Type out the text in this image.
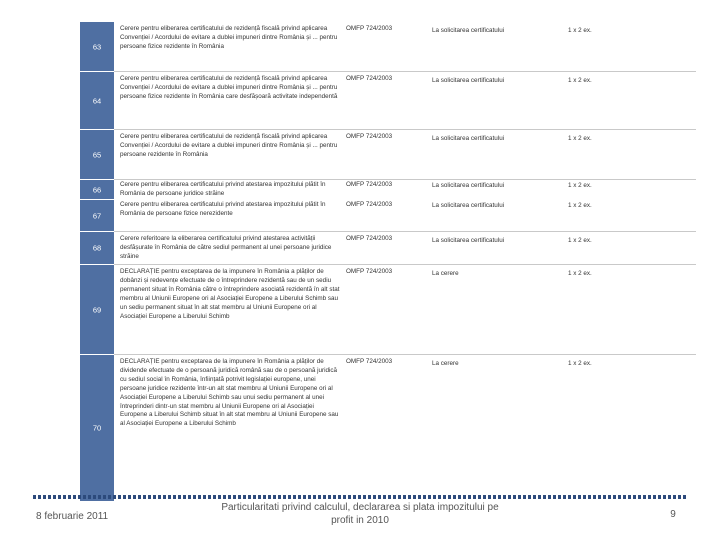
63
Cerere pentru eliberarea certificatului de rezidență fiscală privind aplicarea Convenției / Acordului de evitare a dublei impuneri dintre România și ... pentru persoane fizice rezidente în România
OMFP 724/2003	La solicitarea certificatului	1 x 2 ex.
64
Cerere pentru eliberarea certificatului de rezidență fiscală privind aplicarea Convenției / Acordului de evitare a dublei impuneri dintre România și ... pentru persoane fizice rezidente în România care desfășoară activitate independentă
OMFP 724/2003	La solicitarea certificatului	1 x 2 ex.
65
Cerere pentru eliberarea certificatului de rezidență fiscală privind aplicarea Convenției / Acordului de evitare a dublei impuneri dintre România și ... pentru persoane rezidente în România
OMFP 724/2003	La solicitarea certificatului	1 x 2 ex.
66
Cerere pentru eliberarea certificatului privind atestarea impozitului plătit în România de persoane juridice străine
OMFP 724/2003	La solicitarea certificatului	1 x 2 ex.
67
Cerere pentru eliberarea certificatului privind atestarea impozitului plătit în România de persoane fizice nerezidente
OMFP 724/2003	La solicitarea certificatului	1 x 2 ex.
68
Cerere referitoare la eliberarea certificatului privind atestarea activității desfășurate în România de către sediul permanent al unei persoane juridice străine
OMFP 724/2003	La solicitarea certificatului	1 x 2 ex.
69
DECLARAȚIE pentru exceptarea de la impunere în România a plăților de dobânzi și redevențe efectuate de o întreprindere rezidentă sau de un sediu permanent situat în România către o întreprindere asociată rezidentă în alt stat membru al Uniunii Europene ori al Asociației Europene a Liberului Schimb sau un sediu permanent situat în alt stat membru al Uniunii Europene ori al Asociației Europene a Liberului Schimb
OMFP 724/2003	La cerere	1 x 2 ex.
70
DECLARAȚIE pentru exceptarea de la impunere în România a plăților de dividende efectuate de o persoană juridică română sau de o persoană juridică cu sediul social în România, înființată potrivit legislației europene, unei persoane juridice rezidente într-un alt stat membru al Uniunii Europene ori al Asociației Europene a Liberului Schimb sau unui sediu permanent al unei întreprinderi dintr-un stat membru al Uniunii Europene ori al Asociației Europene a Liberului Schimb situat în alt stat membru al Uniunii Europene sau al Asociației Europene a Liberului Schimb
OMFP 724/2003	La cerere	1 x 2 ex.
8 februarie 2011
Particularitati privind calculul, declararea si plata impozitului pe profit in 2010
9
